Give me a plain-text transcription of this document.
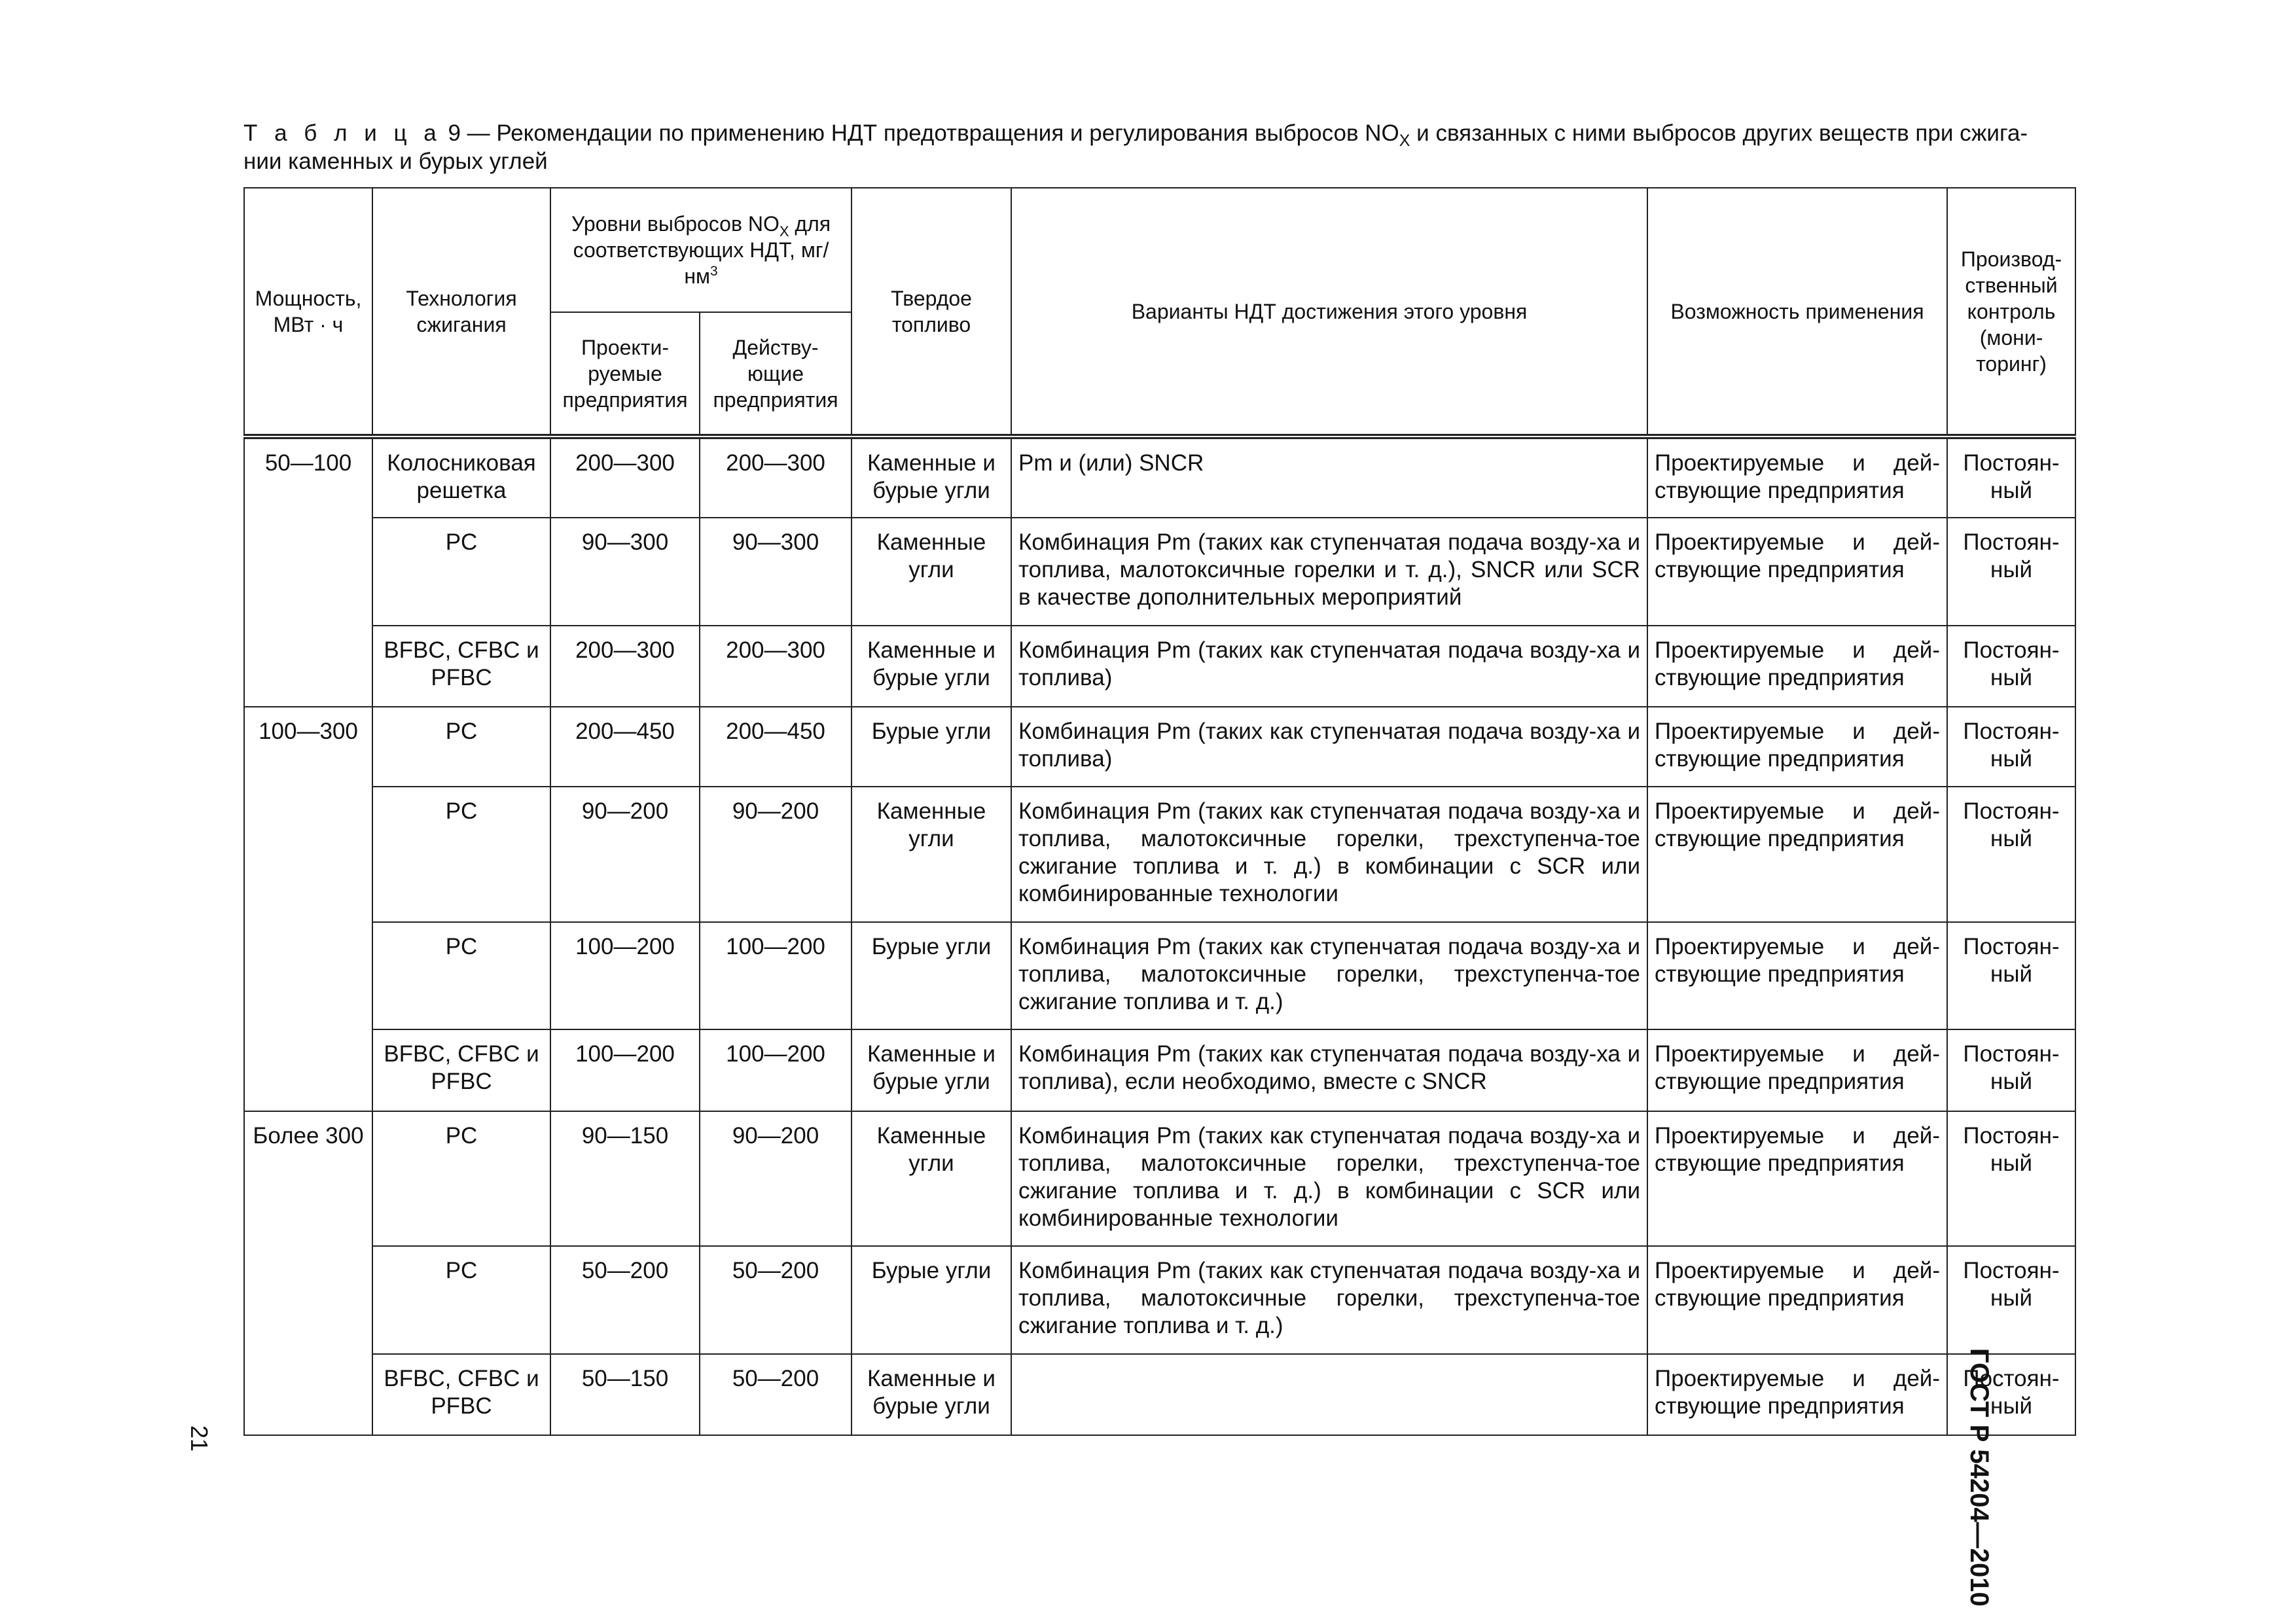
Т а б л и ц а 9 — Рекомендации по применению НДТ предотвращения и регулирования выбросов $NO_X$ и связанных с ними выбросов других веществ при сжига-
нии каменных и бурых углей
Мощность, МВт · ч	Технология сжигания	Уровни выбросов $NO_X$ для соответствующих НДТ, $мг/нм^3$		Твердое топливо	Варианты НДТ достижения этого уровня	Возможность применения	Производ-ственный контроль (мони-торинг)
		Проекти-руемые предприятия	Действу-ющие предприятия				
50—100	Колосниковая решетка	200—300	200—300	Каменные и бурые угли	Pm и (или) SNCR	Проектируемые и дей-ствующие предприятия	Постоян-ный
	PC	90—300	90—300	Каменные угли	Комбинация Pm (таких как ступенчатая подача возду-ха и топлива, малотоксичные горелки и т. д.), SNCR или SCR в качестве дополнительных мероприятий	Проектируемые и дей-ствующие предприятия	Постоян-ный
	BFBC, CFBC и PFBC	200—300	200—300	Каменные и бурые угли	Комбинация Pm (таких как ступенчатая подача возду-ха и топлива)	Проектируемые и дей-ствующие предприятия	Постоян-ный
100—300	PC	200—450	200—450	Бурые угли	Комбинация Pm (таких как ступенчатая подача возду-ха и топлива)	Проектируемые и дей-ствующие предприятия	Постоян-ный
	PC	90—200	90—200	Каменные угли	Комбинация Pm (таких как ступенчатая подача возду-ха и топлива, малотоксичные горелки, трехступенча-тое сжигание топлива и т. д.) в комбинации с SCR или комбинированные технологии	Проектируемые и дей-ствующие предприятия	Постоян-ный
	PC	100—200	100—200	Бурые угли	Комбинация Pm (таких как ступенчатая подача возду-ха и топлива, малотоксичные горелки, трехступенча-тое сжигание топлива и т. д.)	Проектируемые и дей-ствующие предприятия	Постоян-ный
	BFBC, CFBC и PFBC	100—200	100—200	Каменные и бурые угли	Комбинация Pm (таких как ступенчатая подача возду-ха и топлива), если необходимо, вместе с SNCR	Проектируемые и дей-ствующие предприятия	Постоян-ный
Более 300	PC	90—150	90—200	Каменные угли	Комбинация Pm (таких как ступенчатая подача возду-ха и топлива, малотоксичные горелки, трехступенча-тое сжигание топлива и т. д.) в комбинации с SCR или комбинированные технологии	Проектируемые и дей-ствующие предприятия	Постоян-ный
	PC	50—200	50—200	Бурые угли	Комбинация Pm (таких как ступенчатая подача возду-ха и топлива, малотоксичные горелки, трехступенча-тое сжигание топлива и т. д.)	Проектируемые и дей-ствующие предприятия	Постоян-ный
	BFBC, CFBC и PFBC	50—150	50—200	Каменные и бурые угли		Проектируемые и дей-ствующие предприятия	Постоян-ный
21	ГОСТ Р 54204—2010
